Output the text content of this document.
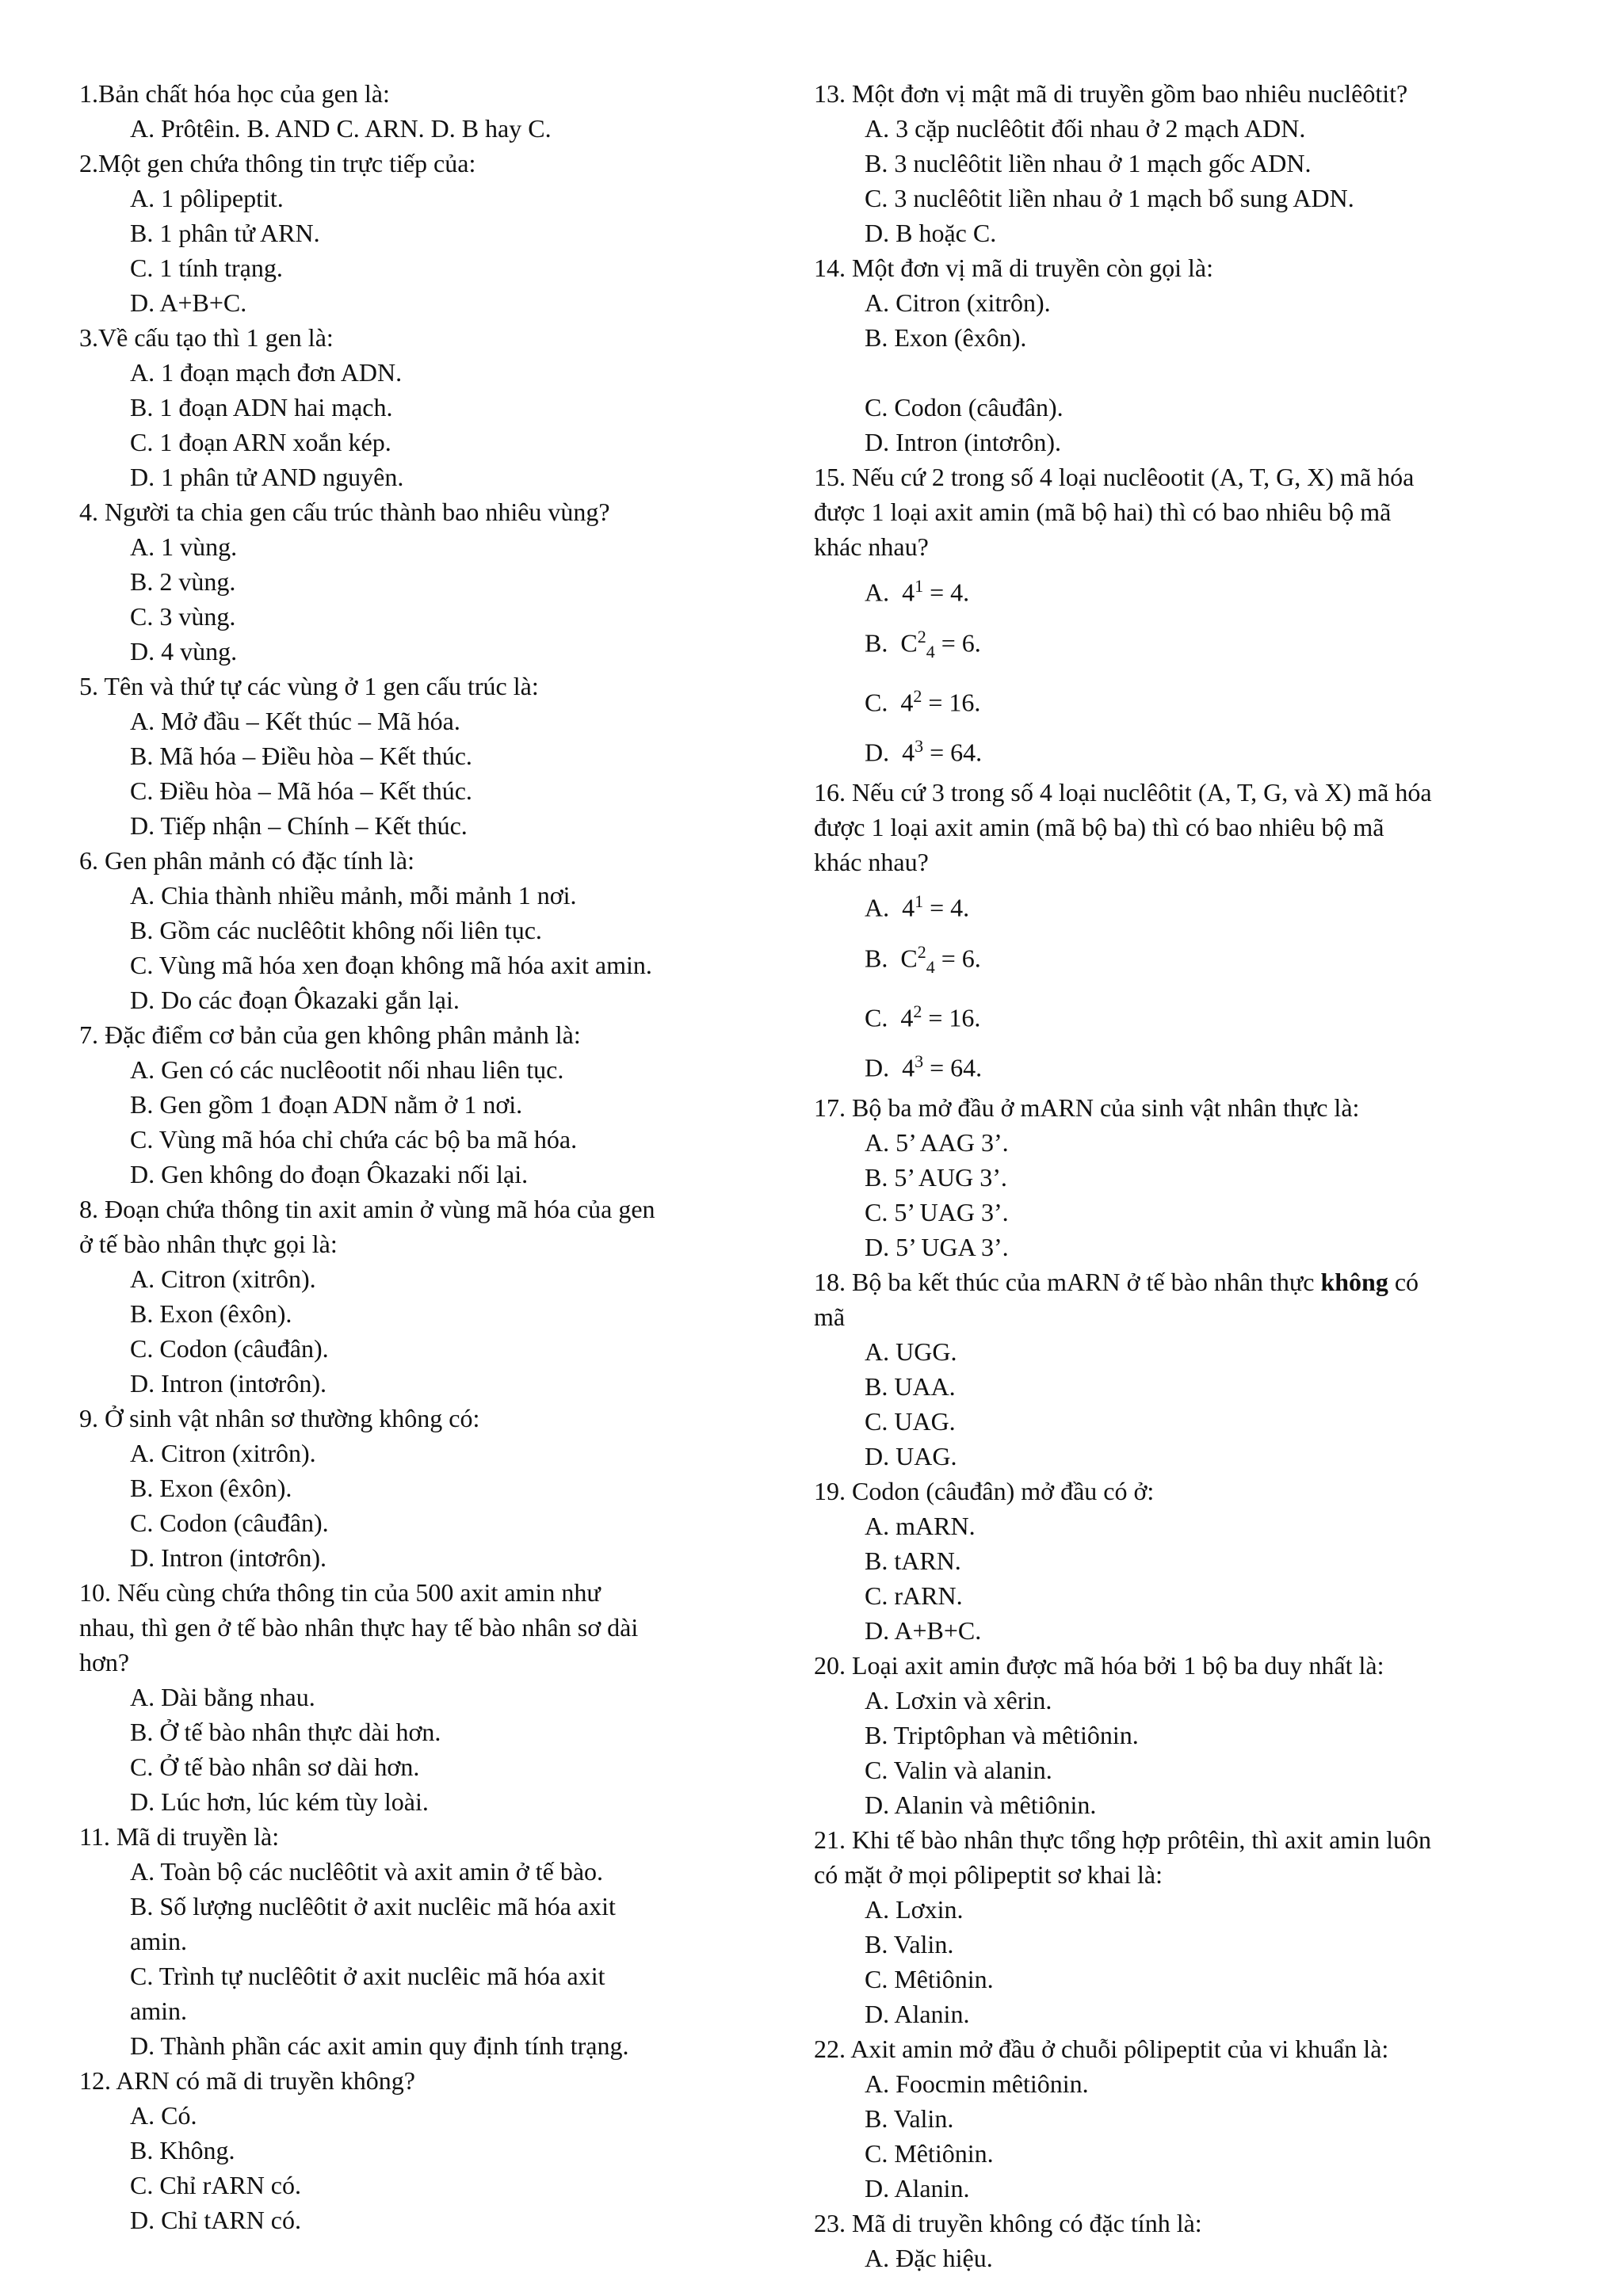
1.Bản chất hóa học của gen là:

A. Prôtêin. B. AND C. ARN. D. B hay C.

2.Một gen chứa thông tin trực tiếp của:

A. 1 pôlipeptit.

B. 1 phân tử ARN.

C. 1 tính trạng.

D. A+B+C.

3.Về cấu tạo thì 1 gen là:

A. 1 đoạn mạch đơn ADN.

B. 1 đoạn ADN hai mạch.

C. 1 đoạn ARN xoắn kép.

D. 1 phân tử AND nguyên.

4. Người ta chia gen cấu trúc thành bao nhiêu vùng?

A. 1 vùng.

B. 2 vùng.

C. 3 vùng.

D. 4 vùng.

5. Tên và thứ tự các vùng ở 1 gen cấu trúc là:

A. Mở đầu – Kết thúc – Mã hóa.

B. Mã hóa – Điều hòa – Kết thúc.

C. Điều hòa – Mã hóa – Kết thúc.

D. Tiếp nhận – Chính – Kết thúc.

6. Gen phân mảnh có đặc tính là:

A. Chia thành nhiều mảnh, mỗi mảnh 1 nơi.

B. Gồm các nuclêôtit không nối liên tục.

C. Vùng mã hóa xen đoạn không mã hóa axit amin.

D. Do các đoạn Ôkazaki gắn lại.

7. Đặc điểm cơ bản của gen không phân mảnh là:

A. Gen có các nuclêootit nối nhau liên tục.

B. Gen gồm 1 đoạn ADN nằm ở 1 nơi.

C. Vùng mã hóa chỉ chứa các bộ ba mã hóa.

D. Gen không do đoạn Ôkazaki nối lại.

8. Đoạn chứa thông tin axit amin ở vùng mã hóa của gen

ở tế bào nhân thực gọi là:

A. Citron (xitrôn).

B. Exon (êxôn).

C. Codon (câuđân).

D. Intron (intơrôn).

9. Ở sinh vật nhân sơ thường không có:

A. Citron (xitrôn).

B. Exon (êxôn).

C. Codon (câuđân).

D. Intron (intơrôn).

10. Nếu cùng chứa thông tin của 500 axit amin như

nhau, thì gen ở tế bào nhân thực hay tế bào nhân sơ dài

hơn?

A. Dài bằng nhau.

B. Ở tế bào nhân thực dài hơn.

C. Ở tế bào nhân sơ dài hơn.

D. Lúc hơn, lúc kém tùy loài.

11. Mã di truyền là:

A. Toàn bộ các nuclêôtit và axit amin ở tế bào.

B. Số lượng nuclêôtit ở axit nuclêic mã hóa axit

amin.

C. Trình tự nuclêôtit ở axit nuclêic mã hóa axit

amin.

D. Thành phần các axit amin quy định tính trạng.

12. ARN có mã di truyền không?

A. Có.

B. Không.

C. Chỉ rARN có.

D. Chỉ tARN có.

13. Một đơn vị mật mã di truyền gồm bao nhiêu nuclêôtit?

A. 3 cặp nuclêôtit đối nhau ở 2 mạch ADN.

B. 3 nuclêôtit liền nhau ở 1 mạch gốc ADN.

C. 3 nuclêôtit liền nhau ở 1 mạch bổ sung ADN.

D. B hoặc C.

14. Một đơn vị mã di truyền còn gọi là:

A. Citron (xitrôn).

B. Exon (êxôn).

C. Codon (câuđân).

D. Intron (intơrôn).

15. Nếu cứ 2 trong số 4 loại nuclêootit (A, T, G, X) mã hóa

được 1 loại axit amin (mã bộ hai) thì có bao nhiêu bộ mã

khác nhau?

A. $4^1 = 4$.

B. $C^2_4 = 6$.

C. $4^2 = 16$.

D. $4^3 = 64$.

16. Nếu cứ 3 trong số 4 loại nuclêôtit (A, T, G, và X) mã hóa

được 1 loại axit amin (mã bộ ba) thì có bao nhiêu bộ mã

khác nhau?

A. $4^1 = 4$.

B. $C^2_4 = 6$.

C. $4^2 = 16$.

D. $4^3 = 64$.

17. Bộ ba mở đầu ở mARN của sinh vật nhân thực là:

A. 5’ AAG 3’.

B. 5’ AUG 3’.

C. 5’ UAG 3’.

D. 5’ UGA 3’.

18. Bộ ba kết thúc của mARN ở tế bào nhân thực không có

mã

A. UGG.

B. UAA.

C. UAG.

D. UAG.

19. Codon (câuđân) mở đầu có ở:

A. mARN.

B. tARN.

C. rARN.

D. A+B+C.

20. Loại axit amin được mã hóa bởi 1 bộ ba duy nhất là:

A. Lơxin và xêrin.

B. Triptôphan và mêtiônin.

C. Valin và alanin.

D. Alanin và mêtiônin.

21. Khi tế bào nhân thực tổng hợp prôtêin, thì axit amin luôn

có mặt ở mọi pôlipeptit sơ khai là:

A. Lơxin.

B. Valin.

C. Mêtiônin.

D. Alanin.

22. Axit amin mở đầu ở chuỗi pôlipeptit của vi khuẩn là:

A. Foocmin mêtiônin.

B. Valin.

C. Mêtiônin.

D. Alanin.

23. Mã di truyền không có đặc tính là:

A. Đặc hiệu.
